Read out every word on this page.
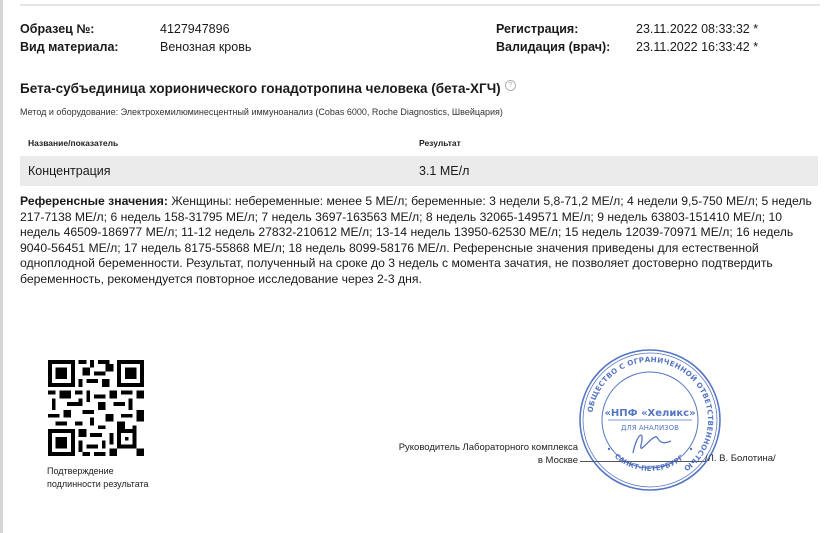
Образец №:	4127947896
Вид материала:	Венозная кровь
Регистрация:	23.11.2022 08:33:32 *
Валидация (врач):	23.11.2022 16:33:42 *
Бета-субъединица хорионического гонадотропина человека (бета-ХГЧ)	?
Метод и оборудование: Электрохемилюминесцентный иммуноанализ (Cobas 6000, Roche Diagnostics, Швейцария)
Название/показатель	Результат
Концентрация	3.1 МЕ/л
Референсные значения: Женщины: небеременные: менее 5 МЕ/л; беременные: 3 недели 5,8-71,2 МЕ/л; 4 недели 9,5-750 МЕ/л; 5 недель 217-7138 МЕ/л; 6 недель 158-31795 МЕ/л; 7 недель 3697-163563 МЕ/л; 8 недель 32065-149571 МЕ/л; 9 недель 63803-151410 МЕ/л; 10 недель 46509-186977 МЕ/л; 11-12 недель 27832-210612 МЕ/л; 13-14 недель 13950-62530 МЕ/л; 15 недель 12039-70971 МЕ/л; 16 недель 9040-56451 МЕ/л; 17 недель 8175-55868 МЕ/л; 18 недель 8099-58176 МЕ/л. Референсные значения приведены для естественной одноплодной беременности. Результат, полученный на сроке до 3 недель с момента зачатия, не позволяет достоверно подтвердить беременность, рекомендуется повторное исследование через 2-3 дня.
Подтверждение
подлинности результата
Руководитель Лабораторного комплекса
в Москве	/Л. В. Болотина/
ОБЩЕСТВО С ОГРАНИЧЕННОЙ ОТВЕТСТВЕННОСТЬЮ
«НПФ «Хеликс»
ДЛЯ АНАЛИЗОВ
САНКТ-ПЕТЕРБУРГ
